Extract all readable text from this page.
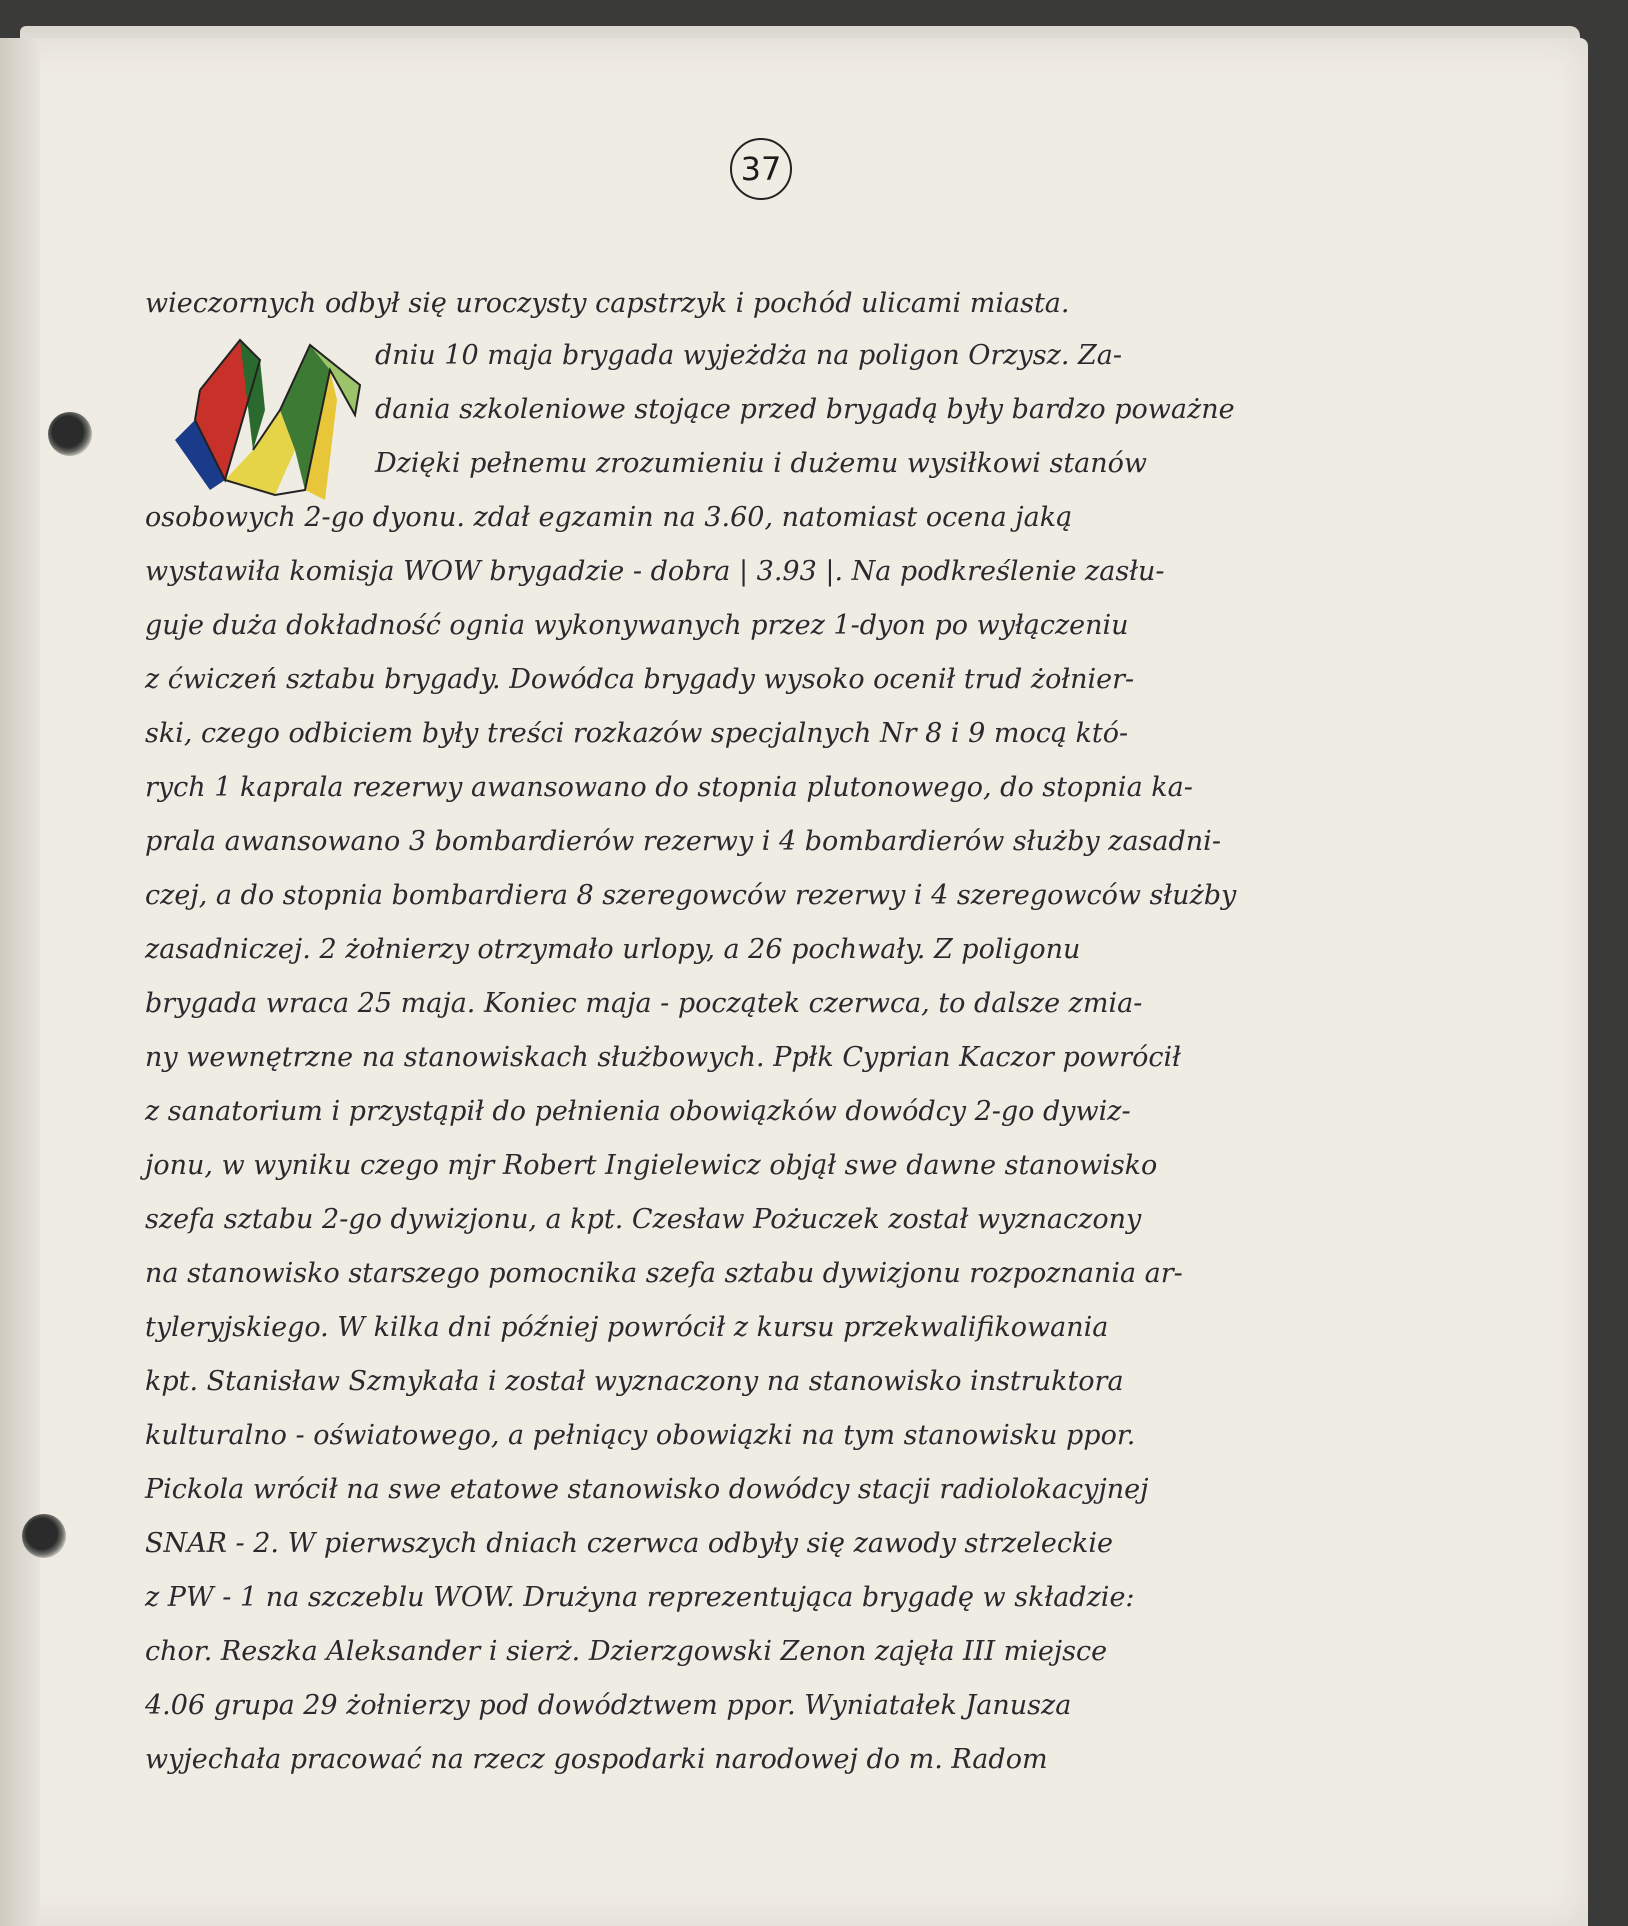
37
wieczornych odbył się uroczysty capstrzyk i pochód ulicami miasta.
dniu 10 maja brygada wyjeżdża na poligon Orzysz. Za-
dania szkoleniowe stojące przed brygadą były bardzo poważne
Dzięki pełnemu zrozumieniu i dużemu wysiłkowi stanów
osobowych 2-go dyonu. zdał egzamin na 3.60, natomiast ocena jaką
wystawiła komisja WOW brygadzie - dobra | 3.93 |. Na podkreślenie zasłu-
guje duża dokładność ognia wykonywanych przez 1-dyon po wyłączeniu
z ćwiczeń sztabu brygady. Dowódca brygady wysoko ocenił trud żołnier-
ski, czego odbiciem były treści rozkazów specjalnych Nr 8 i 9 mocą któ-
rych 1 kaprala rezerwy awansowano do stopnia plutonowego, do stopnia ka-
prala awansowano 3 bombardierów rezerwy i 4 bombardierów służby zasadni-
czej, a do stopnia bombardiera 8 szeregowców rezerwy i 4 szeregowców służby
zasadniczej. 2 żołnierzy otrzymało urlopy, a 26 pochwały. Z poligonu
brygada wraca 25 maja. Koniec maja - początek czerwca, to dalsze zmia-
ny wewnętrzne na stanowiskach służbowych. Ppłk Cyprian Kaczor powrócił
z sanatorium i przystąpił do pełnienia obowiązków dowódcy 2-go dywiz-
jonu, w wyniku czego mjr Robert Ingielewicz objął swe dawne stanowisko
szefa sztabu 2-go dywizjonu, a kpt. Czesław Pożuczek został wyznaczony
na stanowisko starszego pomocnika szefa sztabu dywizjonu rozpoznania ar-
tyleryjskiego. W kilka dni później powrócił z kursu przekwalifikowania
kpt. Stanisław Szmykała i został wyznaczony na stanowisko instruktora
kulturalno - oświatowego, a pełniący obowiązki na tym stanowisku ppor.
Pickola wrócił na swe etatowe stanowisko dowódcy stacji radiolokacyjnej
SNAR - 2. W pierwszych dniach czerwca odbyły się zawody strzeleckie
z PW - 1 na szczeblu WOW. Drużyna reprezentująca brygadę w składzie:
chor. Reszka Aleksander i sierż. Dzierzgowski Zenon zajęła III miejsce
4.06 grupa 29 żołnierzy pod dowództwem ppor. Wyniatałek Janusza
wyjechała pracować na rzecz gospodarki narodowej do m. Radom
